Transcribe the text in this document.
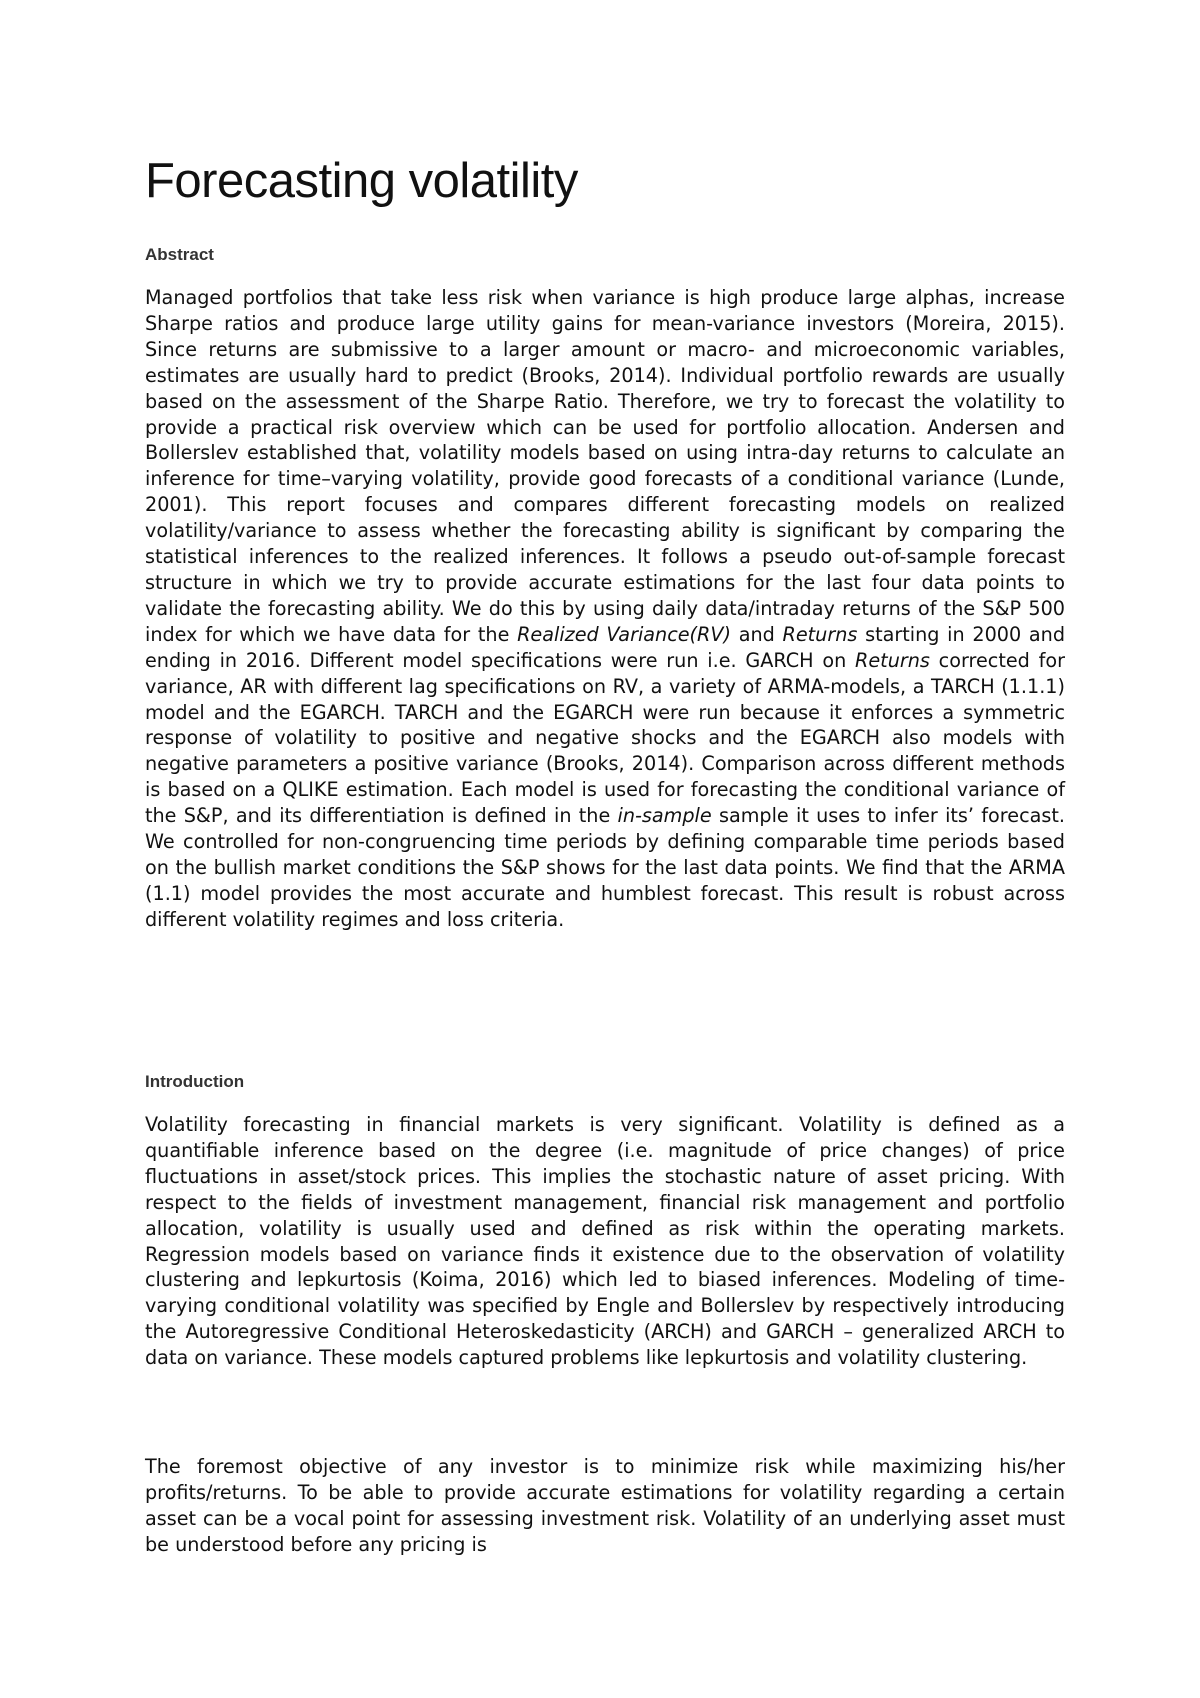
Forecasting volatility
Abstract

Managed portfolios that take less risk when variance is high produce large alphas, increase Sharpe ratios and produce large utility gains for mean-variance investors (Moreira, 2015). Since returns are submissive to a larger amount or macro- and microeconomic variables, estimates are usually hard to predict (Brooks, 2014). Individual portfolio rewards are usually based on the assessment of the Sharpe Ratio. Therefore, we try to forecast the volatility to provide a practical risk overview which can be used for portfolio allocation. Andersen and Bollerslev established that, volatility models based on using intra-day returns to calculate an inference for time–varying volatility, provide good forecasts of a conditional variance (Lunde, 2001). This report focuses and compares different forecasting models on realized volatility/variance to assess whether the forecasting ability is significant by comparing the statistical inferences to the realized inferences. It follows a pseudo out-of-sample forecast structure in which we try to provide accurate estimations for the last four data points to validate the forecasting ability. We do this by using daily data/intraday returns of the S&P 500 index for which we have data for the Realized Variance(RV) and Returns starting in 2000 and ending in 2016. Different model specifications were run i.e. GARCH on Returns corrected for variance, AR with different lag specifications on RV, a variety of ARMA-models, a TARCH (1.1.1) model and the EGARCH. TARCH and the EGARCH were run because it enforces a symmetric response of volatility to positive and negative shocks and the EGARCH also models with negative parameters a positive variance (Brooks, 2014). Comparison across different methods is based on a QLIKE estimation. Each model is used for forecasting the conditional variance of the S&P, and its differentiation is defined in the in-sample sample it uses to infer its’ forecast. We controlled for non-congruencing time periods by defining comparable time periods based on the bullish market conditions the S&P shows for the last data points. We find that the ARMA (1.1) model provides the most accurate and humblest forecast. This result is robust across different volatility regimes and loss criteria.

Introduction

Volatility forecasting in financial markets is very significant. Volatility is defined as a quantifiable inference based on the degree (i.e. magnitude of price changes) of price fluctuations in asset/stock prices. This implies the stochastic nature of asset pricing. With respect to the fields of investment management, financial risk management and portfolio allocation, volatility is usually used and defined as risk within the operating markets. Regression models based on variance finds it existence due to the observation of volatility clustering and lepkurtosis (Koima, 2016) which led to biased inferences. Modeling of time-varying conditional volatility was specified by Engle and Bollerslev by respectively introducing the Autoregressive Conditional Heteroskedasticity (ARCH) and GARCH – generalized ARCH to data on variance. These models captured problems like lepkurtosis and volatility clustering.

The foremost objective of any investor is to minimize risk while maximizing his/her profits/returns. To be able to provide accurate estimations for volatility regarding a certain asset can be a vocal point for assessing investment risk. Volatility of an underlying asset must be understood before any pricing is
